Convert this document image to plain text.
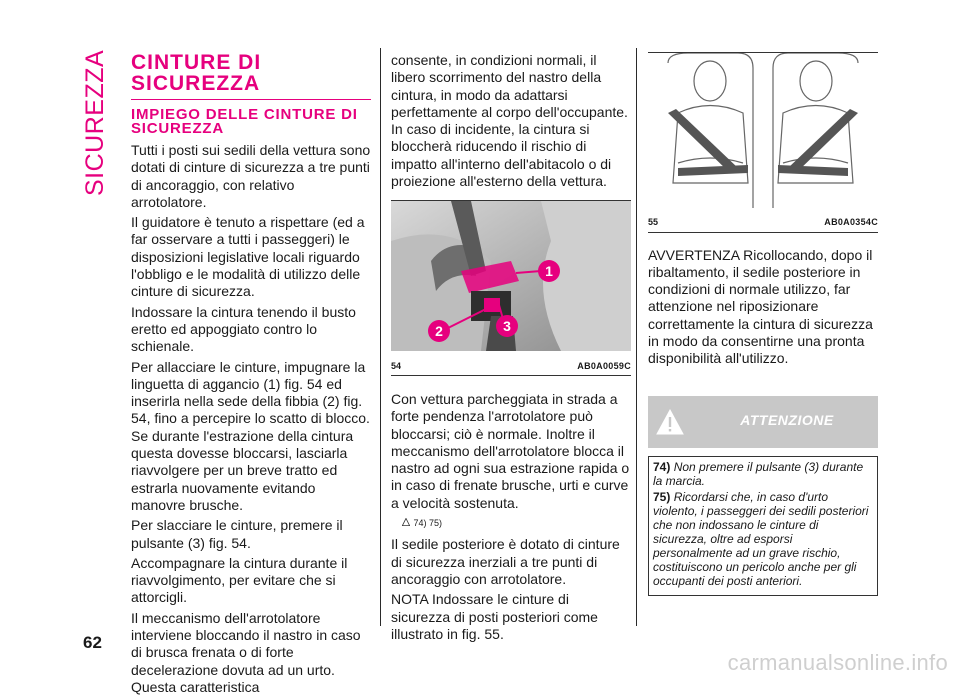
SICUREZZA CINTURE DI SICUREZZA
IMPIEGO DELLE CINTURE DI SICUREZZA

Tutti i posti sui sedili della vettura sono dotati di cinture di sicurezza a tre punti di ancoraggio, con relativo arrotolatore.

Il guidatore è tenuto a rispettare (ed a far osservare a tutti i passeggeri) le disposizioni legislative locali riguardo l'obbligo e le modalità di utilizzo delle cinture di sicurezza.

Indossare la cintura tenendo il busto eretto ed appoggiato contro lo schienale.

Per allacciare le cinture, impugnare la linguetta di aggancio (1) fig. 54 ed inserirla nella sede della fibbia (2) fig. 54, fino a percepire lo scatto di blocco. Se durante l'estrazione della cintura questa dovesse bloccarsi, lasciarla riavvolgere per un breve tratto ed estrarla nuovamente evitando manovre brusche.

Per slacciare le cinture, premere il pulsante (3) fig. 54.

Accompagnare la cintura durante il riavvolgimento, per evitare che si attorcigli.

Il meccanismo dell'arrotolatore interviene bloccando il nastro in caso di brusca frenata o di forte decelerazione dovuta ad un urto. Questa caratteristica

consente, in condizioni normali, il libero scorrimento del nastro della cintura, in modo da adattarsi perfettamente al corpo dell'occupante. In caso di incidente, la cintura si bloccherà riducendo il rischio di impatto all'interno dell'abitacolo o di proiezione all'esterno della vettura.

1
2	3
54	AB0A0059C

Con vettura parcheggiata in strada a forte pendenza l'arrotolatore può bloccarsi; ciò è normale. Inoltre il meccanismo dell'arrotolatore blocca il nastro ad ogni sua estrazione rapida o in caso di frenate brusche, urti e curve a velocità sostenuta.

74) 75)

Il sedile posteriore è dotato di cinture di sicurezza inerziali a tre punti di ancoraggio con arrotolatore.

NOTA Indossare le cinture di sicurezza di posti posteriori come illustrato in fig. 55.

55	AB0A0354C

AVVERTENZA Ricollocando, dopo il ribaltamento, il sedile posteriore in condizioni di normale utilizzo, far attenzione nel riposizionare correttamente la cintura di sicurezza in modo da consentirne una pronta disponibilità all'utilizzo.

ATTENZIONE

74) Non premere il pulsante (3) durante la marcia.

75) Ricordarsi che, in caso d'urto violento, i passeggeri dei sedili posteriori che non indossano le cinture di sicurezza, oltre ad esporsi personalmente ad un grave rischio, costituiscono un pericolo anche per gli occupanti dei posti anteriori.

62
carmanualsonline.info
